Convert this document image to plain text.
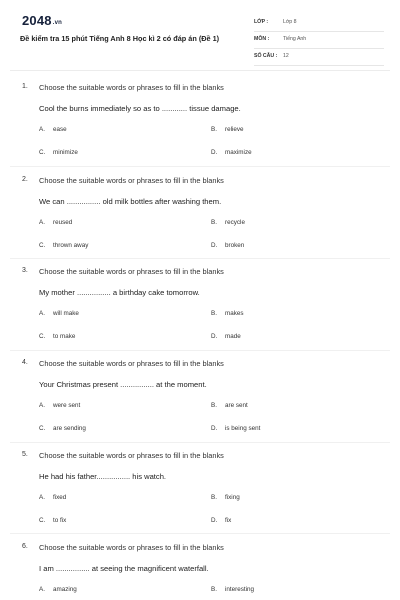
2048.vn
Đề kiểm tra 15 phút Tiếng Anh 8 Học kì 2 có đáp án (Đề 1)
LỚP :	Lớp 8
MÔN :	Tiếng Anh
SỐ CÂU : 12
1. Choose the suitable words or phrases to fill in the blanks
Cool the burns immediately so as to ............ tissue damage.
A. ease	B. relieve
C. minimize	D. maximize
2. Choose the suitable words or phrases to fill in the blanks
We can ................ old milk bottles after washing them.
A. reused	B. recycle
C. thrown away	D. broken
3. Choose the suitable words or phrases to fill in the blanks
My mother ................ a birthday cake tomorrow.
A. will make	B. makes
C. to make	D. made
4. Choose the suitable words or phrases to fill in the blanks
Your Christmas present ................ at the moment.
A. were sent	B. are sent
C. are sending	D. is being sent
5. Choose the suitable words or phrases to fill in the blanks
He had his father................ his watch.
A. fixed	B. fixing
C. to fix	D. fix
6. Choose the suitable words or phrases to fill in the blanks
I am ................ at seeing the magnificent waterfall.
A. amazing	B. interesting
